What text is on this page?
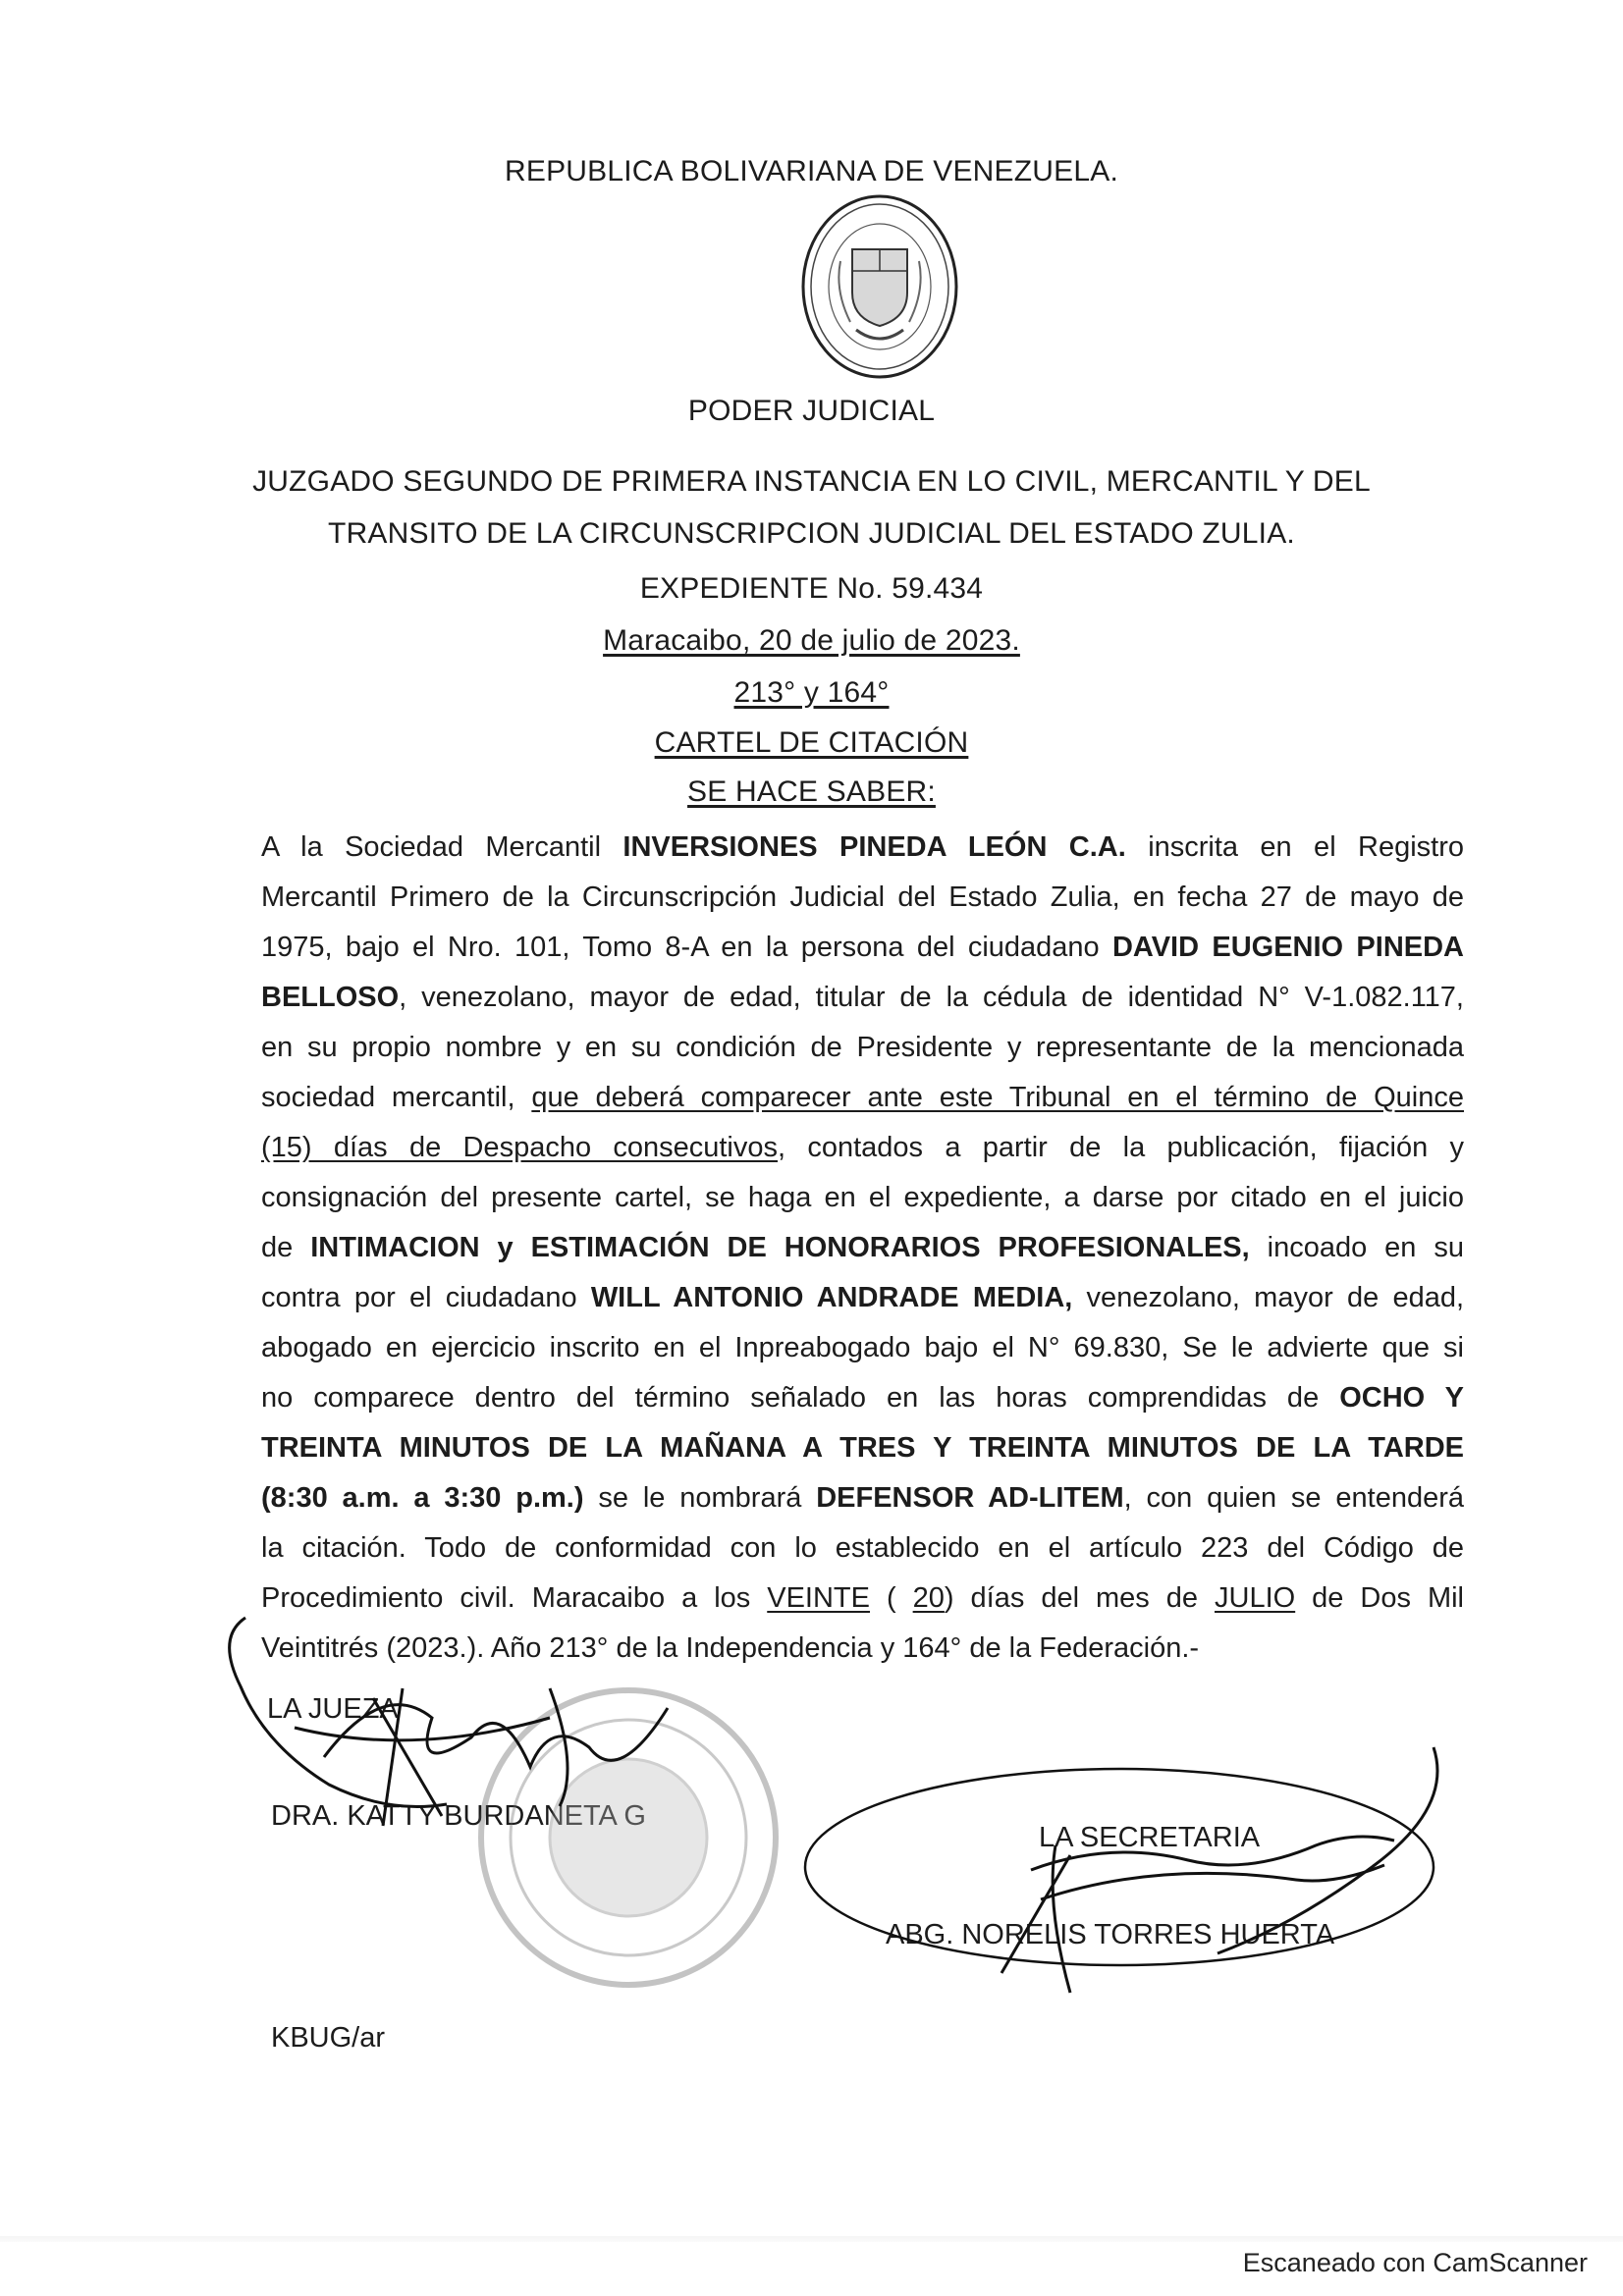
REPUBLICA BOLIVARIANA DE VENEZUELA.
PODER JUDICIAL
JUZGADO SEGUNDO DE PRIMERA INSTANCIA EN LO CIVIL, MERCANTIL Y DEL
TRANSITO DE LA CIRCUNSCRIPCION JUDICIAL DEL ESTADO ZULIA.
EXPEDIENTE No. 59.434
Maracaibo, 20 de julio de 2023.
213° y 164°
CARTEL DE CITACIÓN
SE HACE SABER:
A la Sociedad Mercantil INVERSIONES PINEDA LEÓN C.A. inscrita en el Registro
Mercantil Primero de la Circunscripción Judicial del Estado Zulia, en fecha 27 de mayo de
1975, bajo el Nro. 101, Tomo 8-A en la persona del ciudadano DAVID EUGENIO PINEDA
BELLOSO, venezolano, mayor de edad, titular de la cédula de identidad N° V-1.082.117,
en su propio nombre y en su condición de Presidente y representante de la mencionada
sociedad mercantil, que deberá comparecer ante este Tribunal en el término de Quince
(15) días de Despacho consecutivos, contados a partir de la publicación, fijación y
consignación del presente cartel, se haga en el expediente, a darse por citado en el juicio
de INTIMACION y ESTIMACIÓN DE HONORARIOS PROFESIONALES, incoado en su
contra por el ciudadano WILL ANTONIO ANDRADE MEDIA, venezolano, mayor de edad,
abogado en ejercicio inscrito en el Inpreabogado bajo el N° 69.830, Se le advierte que si
no comparece dentro del término señalado en las horas comprendidas de OCHO Y
TREINTA MINUTOS DE LA MAÑANA A TRES Y TREINTA MINUTOS DE LA TARDE
(8:30 a.m. a 3:30 p.m.) se le nombrará DEFENSOR AD-LITEM, con quien se entenderá
la citación. Todo de conformidad con lo establecido en el artículo 223 del Código de
Procedimiento civil. Maracaibo a los VEINTE ( 20) días del mes de JULIO de Dos Mil
Veintitrés (2023.). Año 213° de la Independencia y 164° de la Federación.-
LA JUEZA
DRA. KATTY BURDANETA G
LA SECRETARIA
ABG. NORELIS TORRES HUERTA
KBUG/ar
Escaneado con CamScanner
